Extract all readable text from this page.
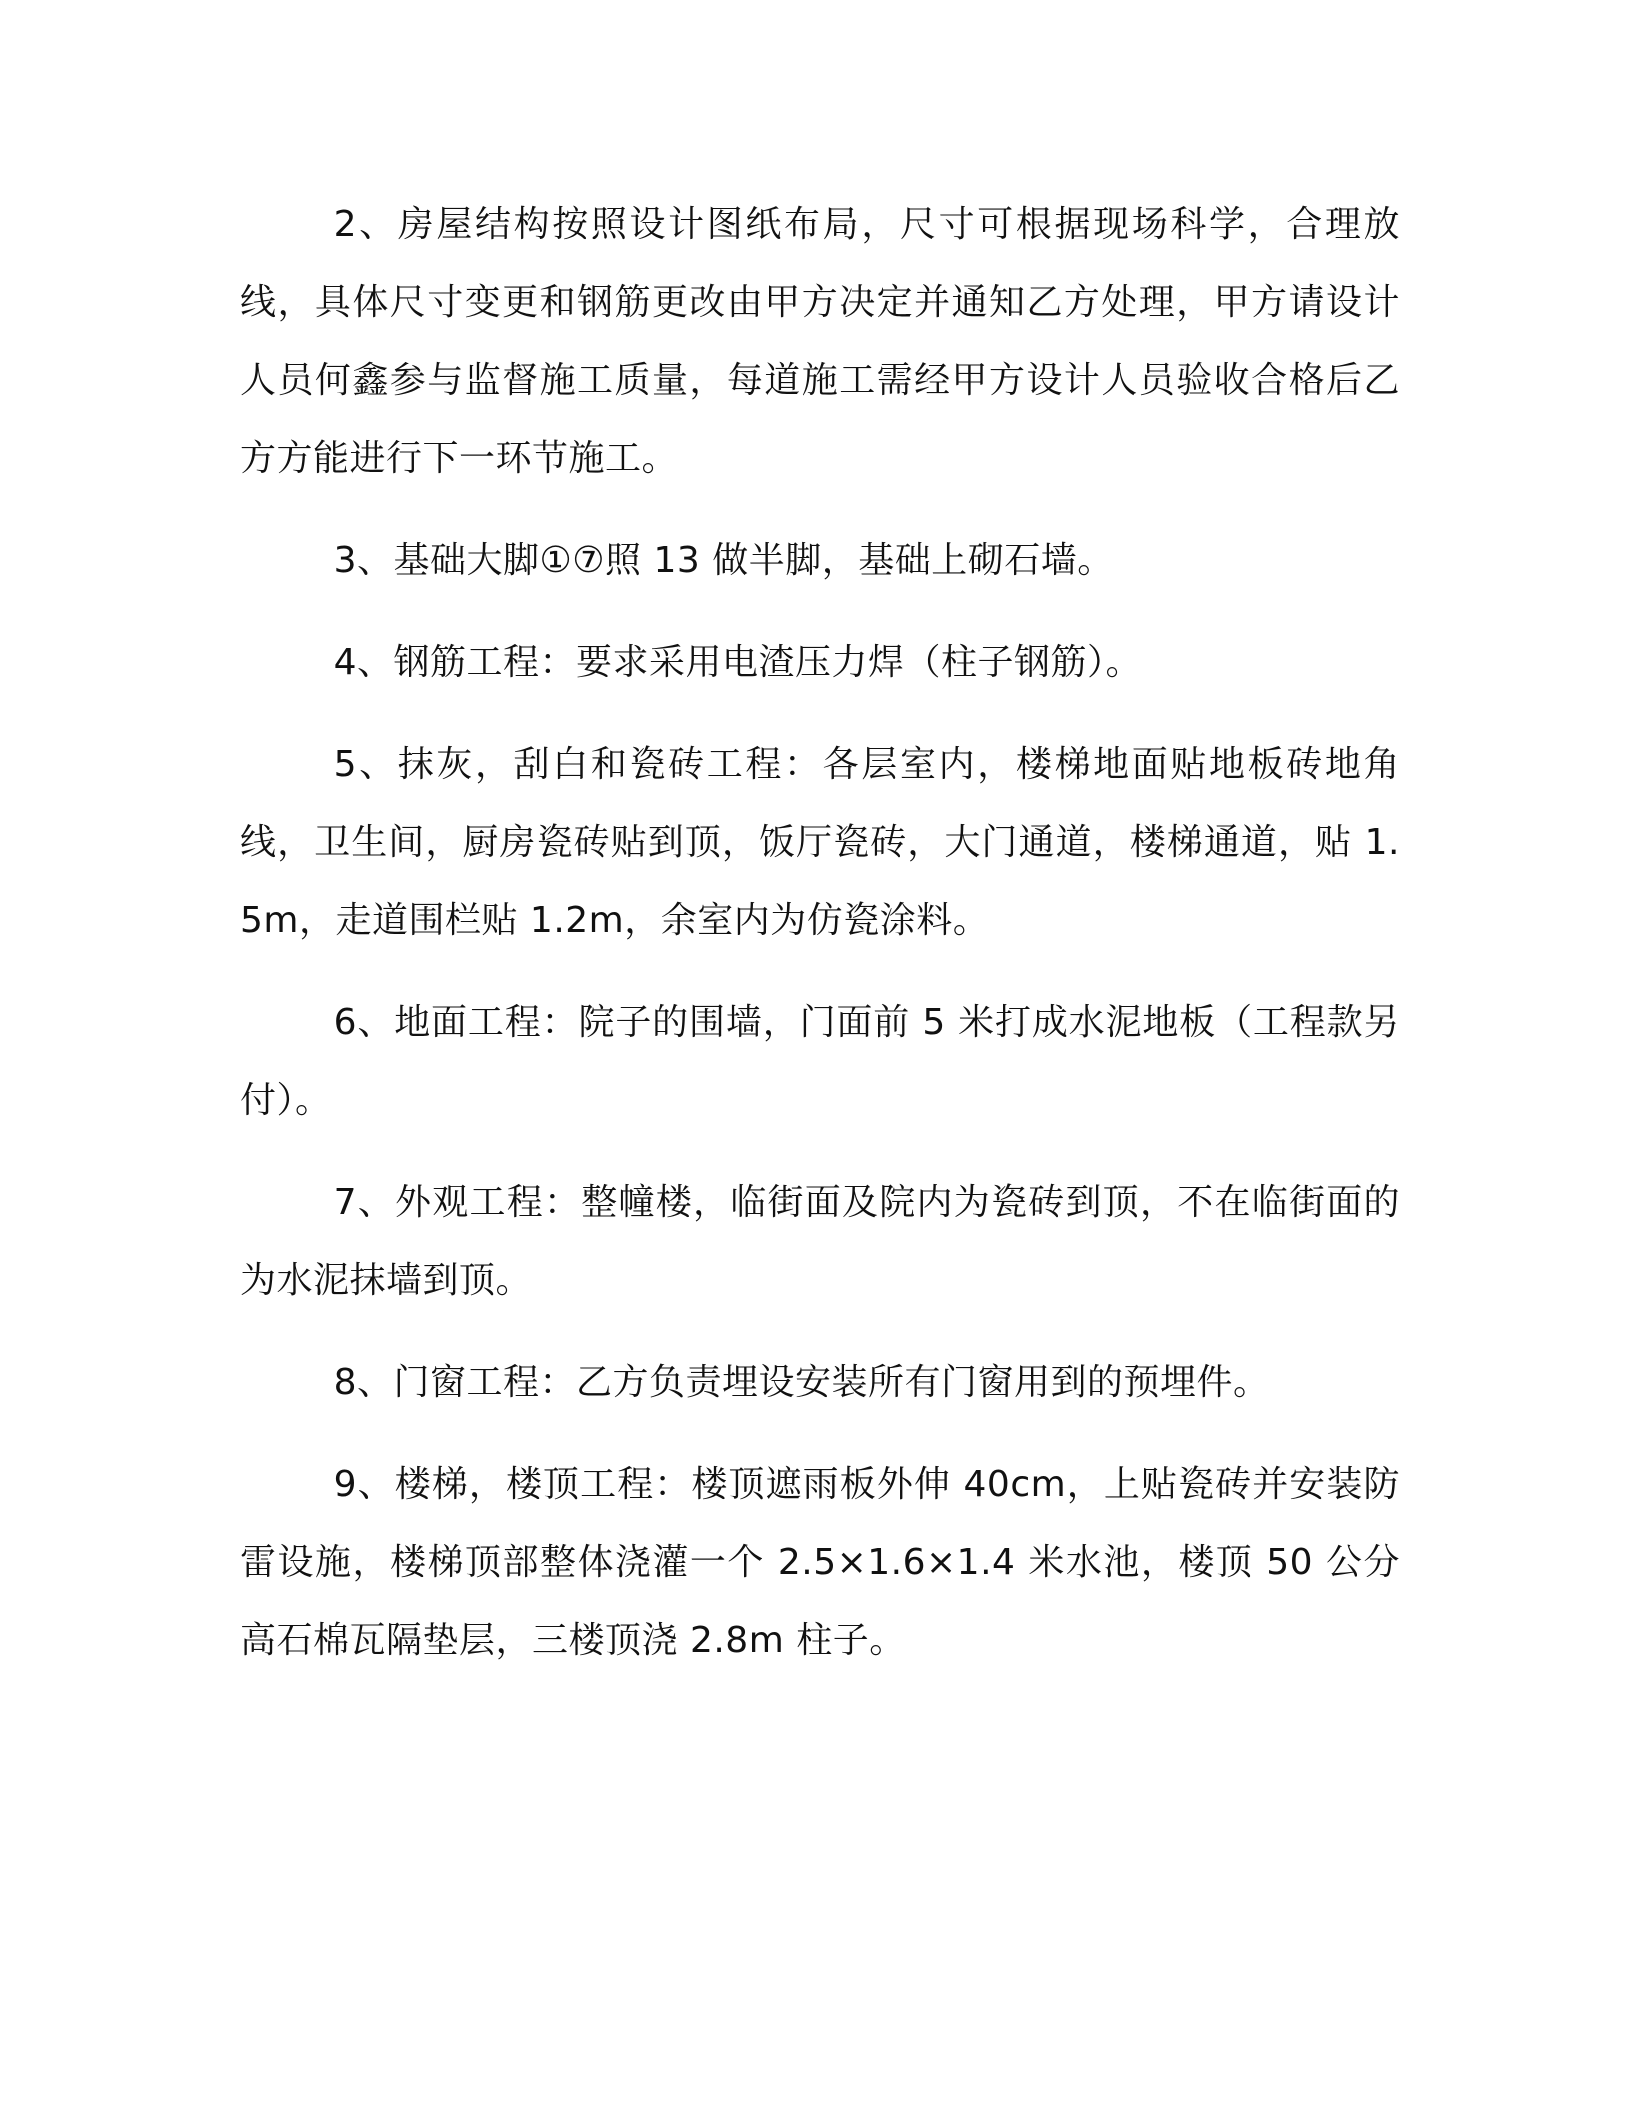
2、房屋结构按照设计图纸布局，尺寸可根据现场科学，合理放线，具体尺寸变更和钢筋更改由甲方决定并通知乙方处理，甲方请设计人员何鑫参与监督施工质量，每道施工需经甲方设计人员验收合格后乙方方能进行下一环节施工。

3、基础大脚①⑦照 13 做半脚，基础上砌石墙。

4、钢筋工程：要求采用电渣压力焊（柱子钢筋）。

5、抹灰，刮白和瓷砖工程：各层室内，楼梯地面贴地板砖地角线，卫生间，厨房瓷砖贴到顶，饭厅瓷砖，大门通道，楼梯通道，贴 1.5m，走道围栏贴 1.2m，余室内为仿瓷涂料。

6、地面工程：院子的围墙，门面前 5 米打成水泥地板（工程款另付）。

7、外观工程：整幢楼，临街面及院内为瓷砖到顶，不在临街面的为水泥抹墙到顶。

8、门窗工程：乙方负责埋设安装所有门窗用到的预埋件。

9、楼梯，楼顶工程：楼顶遮雨板外伸 40cm，上贴瓷砖并安装防雷设施，楼梯顶部整体浇灌一个 2.5×1.6×1.4 米水池，楼顶 50 公分高石棉瓦隔垫层，三楼顶浇 2.8m 柱子。
